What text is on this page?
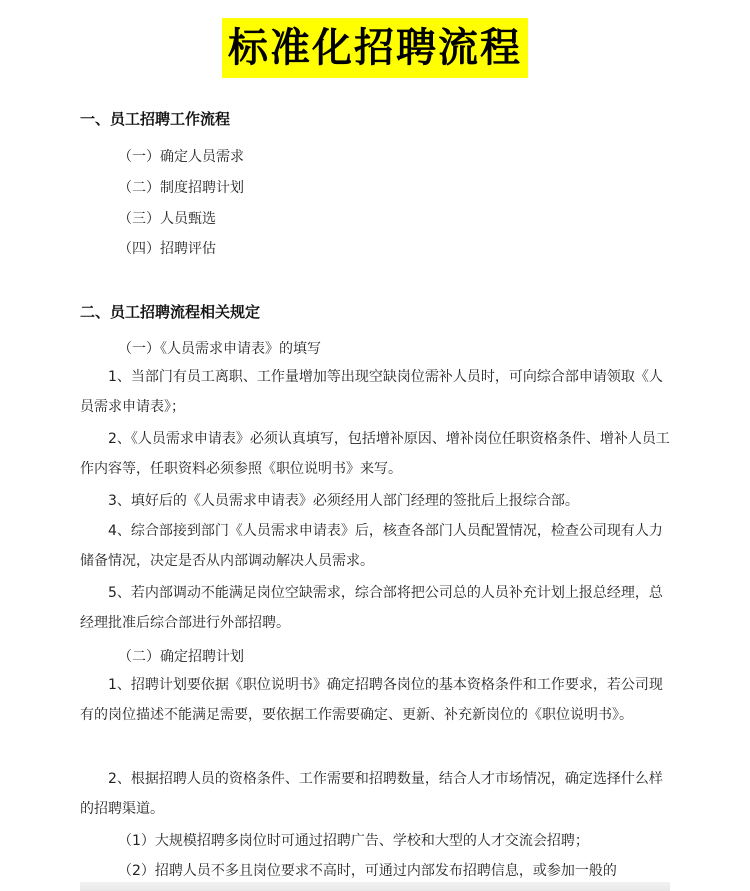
标准化招聘流程
一、员工招聘工作流程
（一）确定人员需求
（二）制度招聘计划
（三）人员甄选
（四）招聘评估
二、员工招聘流程相关规定
（一）《人员需求申请表》的填写
1、当部门有员工离职、工作量增加等出现空缺岗位需补人员时，可向综合部申请领取《人员需求申请表》；
2、《人员需求申请表》必须认真填写，包括增补原因、增补岗位任职资格条件、增补人员工作内容等，任职资料必须参照《职位说明书》来写。
3、填好后的《人员需求申请表》必须经用人部门经理的签批后上报综合部。
4、综合部接到部门《人员需求申请表》后，核查各部门人员配置情况，检查公司现有人力储备情况，决定是否从内部调动解决人员需求。
5、若内部调动不能满足岗位空缺需求，综合部将把公司总的人员补充计划上报总经理，总经理批准后综合部进行外部招聘。
（二）确定招聘计划
1、招聘计划要依据《职位说明书》确定招聘各岗位的基本资格条件和工作要求，若公司现有的岗位描述不能满足需要，要依据工作需要确定、更新、补充新岗位的《职位说明书》。
2、根据招聘人员的资格条件、工作需要和招聘数量，结合人才市场情况，确定选择什么样的招聘渠道。
（1）大规模招聘多岗位时可通过招聘广告、学校和大型的人才交流会招聘；
（2）招聘人员不多且岗位要求不高时，可通过内部发布招聘信息，或参加一般的
